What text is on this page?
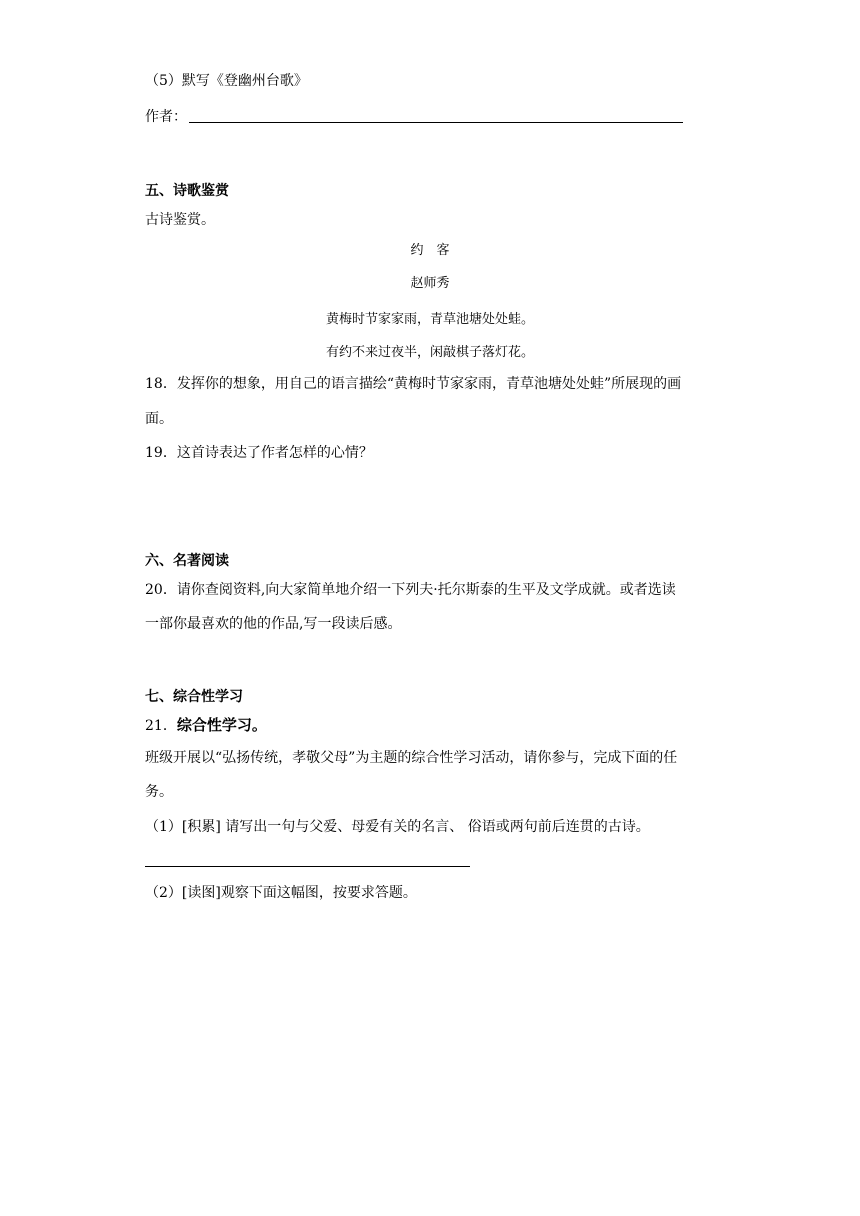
（5）默写《登幽州台歌》

作者：

五、诗歌鉴赏

古诗鉴赏。

约　客

赵师秀

黄梅时节家家雨，青草池塘处处蛙。

有约不来过夜半，闲敲棋子落灯花。

18．发挥你的想象，用自己的语言描绘“黄梅时节家家雨，青草池塘处处蛙”所展现的画

面。

19．这首诗表达了作者怎样的心情？

六、名著阅读

20．请你查阅资料,向大家简单地介绍一下列夫·托尔斯泰的生平及文学成就。或者选读

一部你最喜欢的他的作品,写一段读后感。

七、综合性学习

21．综合性学习。

班级开展以“弘扬传统，孝敬父母”为主题的综合性学习活动，请你参与，完成下面的任

务。

（1）[积累] 请写出一句与父爱、母爱有关的名言、 俗语或两句前后连贯的古诗。

（2）[读图]观察下面这幅图，按要求答题。
